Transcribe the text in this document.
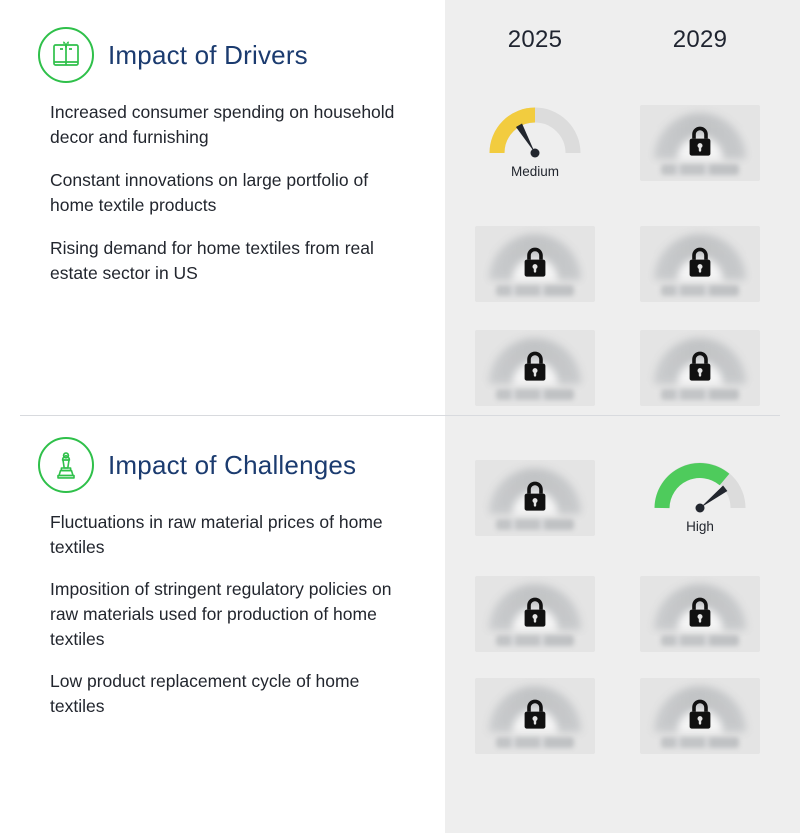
2025	2029
Impact of Drivers
Increased consumer spending on household decor and furnishing
Constant innovations on large portfolio of home textile products
Rising demand for home textiles from real estate sector in US
Medium
Impact of Challenges
Fluctuations in raw material prices of home textiles
Imposition of stringent regulatory policies on raw materials used for production of home textiles
Low product replacement cycle of home textiles
High
